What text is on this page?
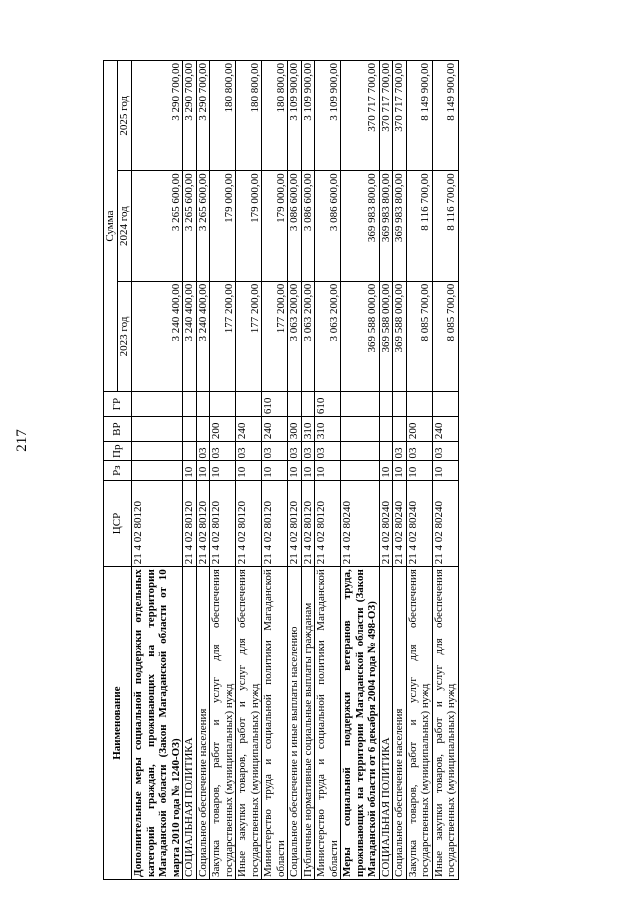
217
Наименование	ЦСР	Рз	Пр	ВР	ГР	Сумма		
						2023 год	2024 год	2025 год
Дополнительные меры социальной поддержки отдельных категорий граждан, проживающих на территории Магаданской области (Закон Магаданской области от 10 марта 2010 года № 1240-ОЗ)	21 4 02 80120					3 240 400,00	3 265 600,00	3 290 700,00
СОЦИАЛЬНАЯ ПОЛИТИКА	21 4 02 80120	10				3 240 400,00	3 265 600,00	3 290 700,00
Социальное обеспечение населения	21 4 02 80120	10	03			3 240 400,00	3 265 600,00	3 290 700,00
Закупка товаров, работ и услуг для обеспечения государственных (муниципальных) нужд	21 4 02 80120	10	03	200		177 200,00	179 000,00	180 800,00
Иные закупки товаров, работ и услуг для обеспечения государственных (муниципальных) нужд	21 4 02 80120	10	03	240		177 200,00	179 000,00	180 800,00
Министерство труда и социальной политики Магаданской области	21 4 02 80120	10	03	240	610	177 200,00	179 000,00	180 800,00
Социальное обеспечение и иные выплаты населению	21 4 02 80120	10	03	300		3 063 200,00	3 086 600,00	3 109 900,00
Публичные нормативные социальные выплаты гражданам	21 4 02 80120	10	03	310		3 063 200,00	3 086 600,00	3 109 900,00
Министерство труда и социальной политики Магаданской области	21 4 02 80120	10	03	310	610	3 063 200,00	3 086 600,00	3 109 900,00
Меры социальной поддержки ветеранов труда, проживающих на территории Магаданской области (Закон Магаданской области от 6 декабря 2004 года № 498-ОЗ)	21 4 02 80240					369 588 000,00	369 983 800,00	370 717 700,00
СОЦИАЛЬНАЯ ПОЛИТИКА	21 4 02 80240	10				369 588 000,00	369 983 800,00	370 717 700,00
Социальное обеспечение населения	21 4 02 80240	10	03			369 588 000,00	369 983 800,00	370 717 700,00
Закупка товаров, работ и услуг для обеспечения государственных (муниципальных) нужд	21 4 02 80240	10	03	200		8 085 700,00	8 116 700,00	8 149 900,00
Иные закупки товаров, работ и услуг для обеспечения государственных (муниципальных) нужд	21 4 02 80240	10	03	240		8 085 700,00	8 116 700,00	8 149 900,00
